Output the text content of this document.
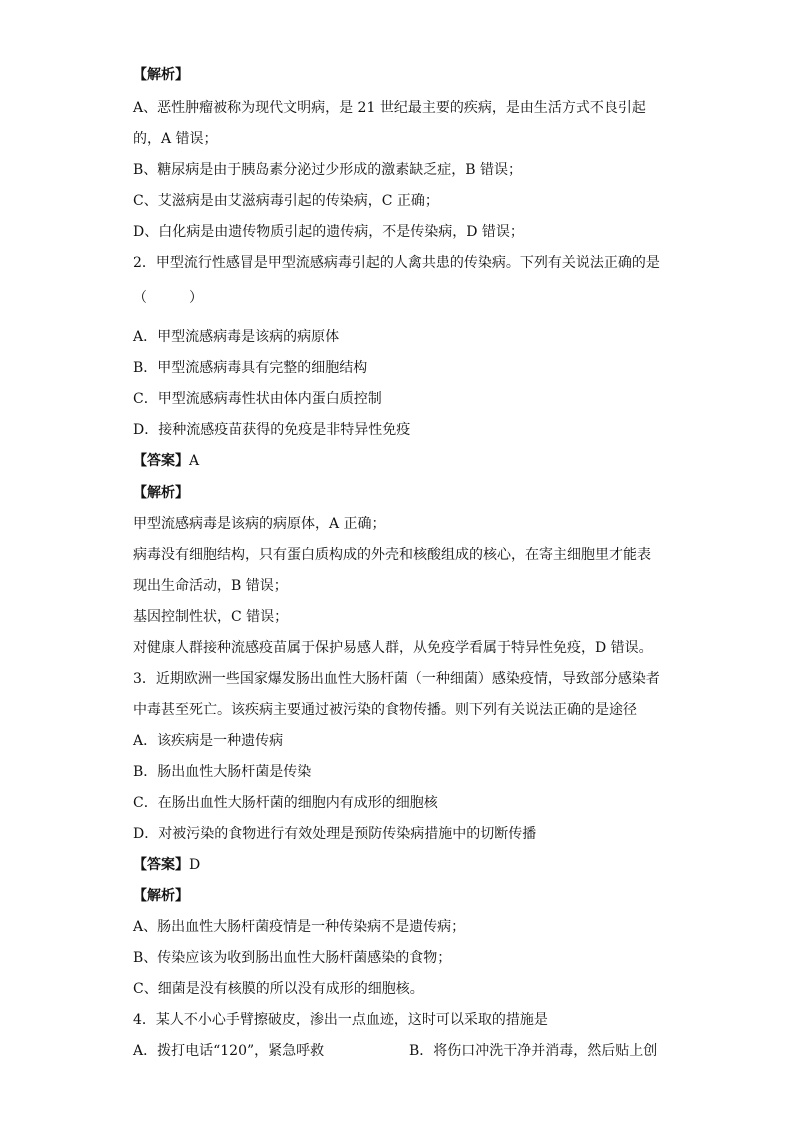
【解析】
A、恶性肿瘤被称为现代文明病，是 21 世纪最主要的疾病，是由生活方式不良引起
的，A 错误；
B、糖尿病是由于胰岛素分泌过少形成的激素缺乏症，B 错误；
C、艾滋病是由艾滋病毒引起的传染病，C 正确；
D、白化病是由遗传物质引起的遗传病，不是传染病，D 错误；
2．甲型流行性感冒是甲型流感病毒引起的人禽共患的传染病。下列有关说法正确的是
（　　　）
A．甲型流感病毒是该病的病原体
B．甲型流感病毒具有完整的细胞结构
C．甲型流感病毒性状由体内蛋白质控制
D．接种流感疫苗获得的免疫是非特异性免疫
【答案】A
【解析】
甲型流感病毒是该病的病原体，A 正确；
病毒没有细胞结构，只有蛋白质构成的外壳和核酸组成的核心，在寄主细胞里才能表
现出生命活动，B 错误；
基因控制性状，C 错误；
对健康人群接种流感疫苗属于保护易感人群，从免疫学看属于特异性免疫，D 错误。
3．近期欧洲一些国家爆发肠出血性大肠杆菌（一种细菌）感染疫情，导致部分感染者
中毒甚至死亡。该疾病主要通过被污染的食物传播。则下列有关说法正确的是途径
A．该疾病是一种遗传病
B．肠出血性大肠杆菌是传染
C．在肠出血性大肠杆菌的细胞内有成形的细胞核
D．对被污染的食物进行有效处理是预防传染病措施中的切断传播
【答案】D
【解析】
A、肠出血性大肠杆菌疫情是一种传染病不是遗传病；
B、传染应该为收到肠出血性大肠杆菌感染的食物；
C、细菌是没有核膜的所以没有成形的细胞核。
4．某人不小心手臂擦破皮，渗出一点血迹，这时可以采取的措施是
A．拨打电话“120”，紧急呼救	B．将伤口冲洗干净并消毒，然后贴上创
